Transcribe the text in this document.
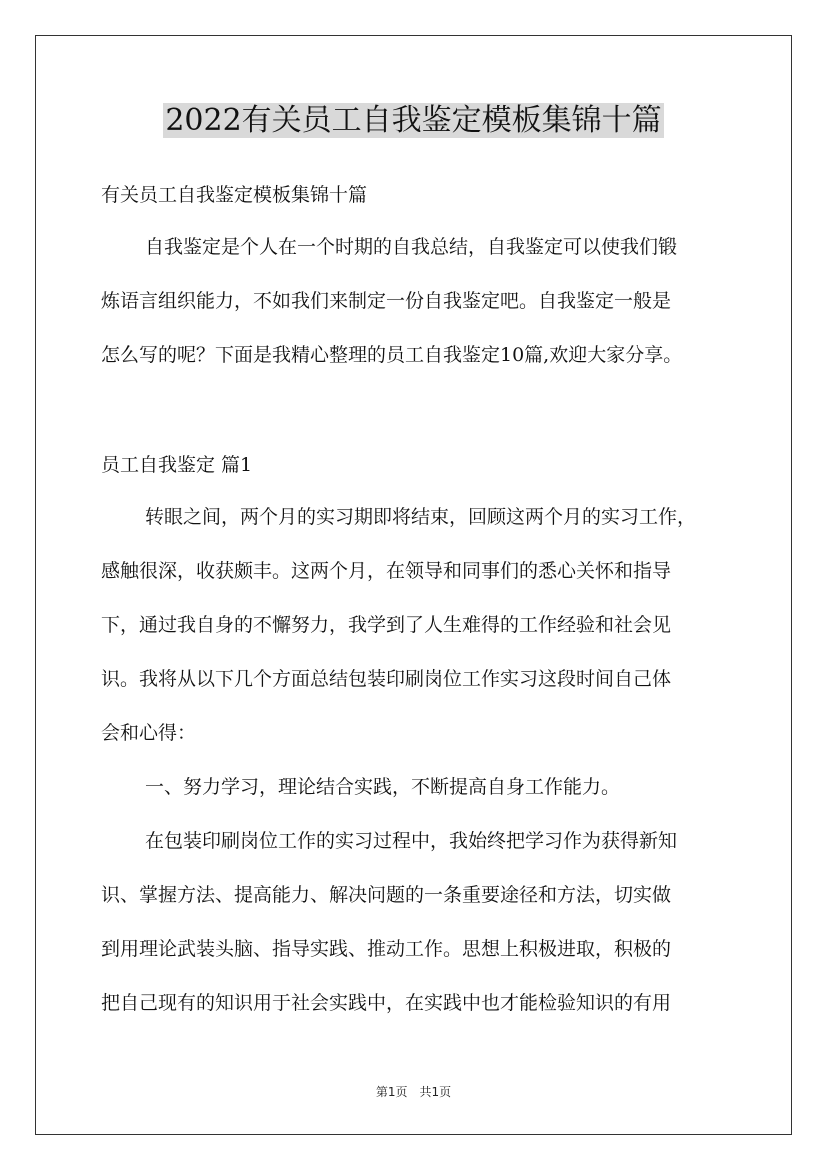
2022有关员工自我鉴定模板集锦十篇
有关员工自我鉴定模板集锦十篇
自我鉴定是个人在一个时期的自我总结，自我鉴定可以使我们锻
炼语言组织能力，不如我们来制定一份自我鉴定吧。自我鉴定一般是
怎么写的呢？下面是我精心整理的员工自我鉴定10篇,欢迎大家分享。
员工自我鉴定 篇1
转眼之间，两个月的实习期即将结束，回顾这两个月的实习工作，
感触很深，收获颇丰。这两个月，在领导和同事们的悉心关怀和指导
下，通过我自身的不懈努力，我学到了人生难得的工作经验和社会见
识。我将从以下几个方面总结包装印刷岗位工作实习这段时间自己体
会和心得：
一、努力学习，理论结合实践，不断提高自身工作能力。
在包装印刷岗位工作的实习过程中，我始终把学习作为获得新知
识、掌握方法、提高能力、解决问题的一条重要途径和方法，切实做
到用理论武装头脑、指导实践、推动工作。思想上积极进取，积极的
把自己现有的知识用于社会实践中，在实践中也才能检验知识的有用
第1页　共1页
